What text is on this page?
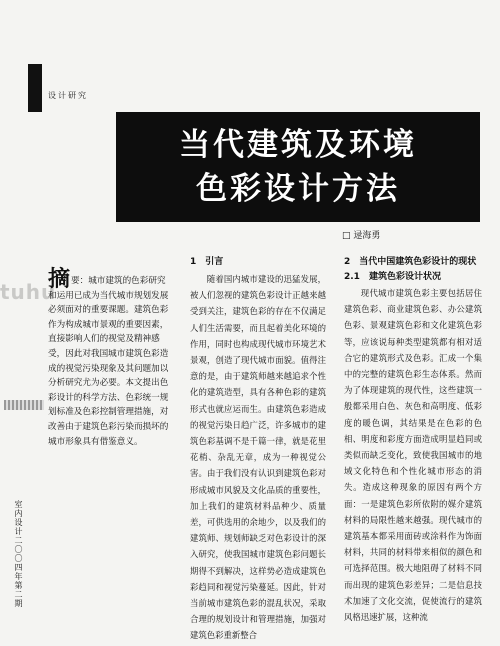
设计研究
当代建筑及环境
色彩设计方法
□ 逯海勇
tuhu
摘要：城市建筑的色彩研究和运用已成为当代城市规划发展必须面对的重要课题。建筑色彩作为构成城市景观的重要因素，直接影响人们的视觉及精神感受，因此对我国城市建筑色彩造成的视觉污染现象及其问题加以分析研究尤为必要。本文提出色彩设计的科学方法、色彩统一规划标准及色彩控制管理措施，对改善由于建筑色彩污染而损坏的城市形象具有借鉴意义。
1　引言
随着国内城市建设的迅猛发展，被人们忽视的建筑色彩设计正越来越受到关注，建筑色彩的存在不仅满足人们生活需要，而且起着美化环境的作用，同时也构成现代城市环境艺术景观，创造了现代城市面貌。值得注意的是，由于建筑师越来越追求个性化的建筑造型，具有各种色彩的建筑形式也就应运而生。由建筑色彩造成的视觉污染日趋广泛，许多城市的建筑色彩基调不是千篇一律，就是花里花梢、杂乱无章，成为一种视觉公害。由于我们没有认识到建筑色彩对形成城市风貌及文化品质的重要性，加上我们的建筑材料品种少、质量差，可供选用的余地少，以及我们的建筑师、规划师缺乏对色彩设计的深入研究，使我国城市建筑色彩问题长期得不到解决，这样势必造成建筑色彩趋同和视觉污染蔓延。因此，针对当前城市建筑色彩的混乱状况，采取合理的规划设计和管理措施，加强对建筑色彩重新整合
2　当代中国建筑色彩设计的现状
2.1　建筑色彩设计状况
现代城市建筑色彩主要包括居住建筑色彩、商业建筑色彩、办公建筑色彩、景观建筑色彩和文化建筑色彩等，应该说每种类型建筑都有相对适合它的建筑形式及色彩。汇成一个集中的完整的建筑色彩生态体系。然而为了体现建筑的现代性，这些建筑一般都采用白色、灰色和高明度、低彩度的暖色调，其结果是在色彩的色相、明度和彩度方面造成明显趋同或类似而缺乏变化，致使我国城市的地域文化特色和个性化城市形态的消失。造成这种现象的原因有两个方面：一是建筑色彩所依附的媒介建筑材料的局限性越来越强。现代城市的建筑基本都采用面砖或涂料作为饰面材料，共同的材料带来相似的颜色和可选择范围。极大地阻碍了材料不同而出现的建筑色彩差异；二是信息技术加速了文化交流，促使流行的建筑风格迅速扩展，这种流
室内设计二〇〇四年第二期
